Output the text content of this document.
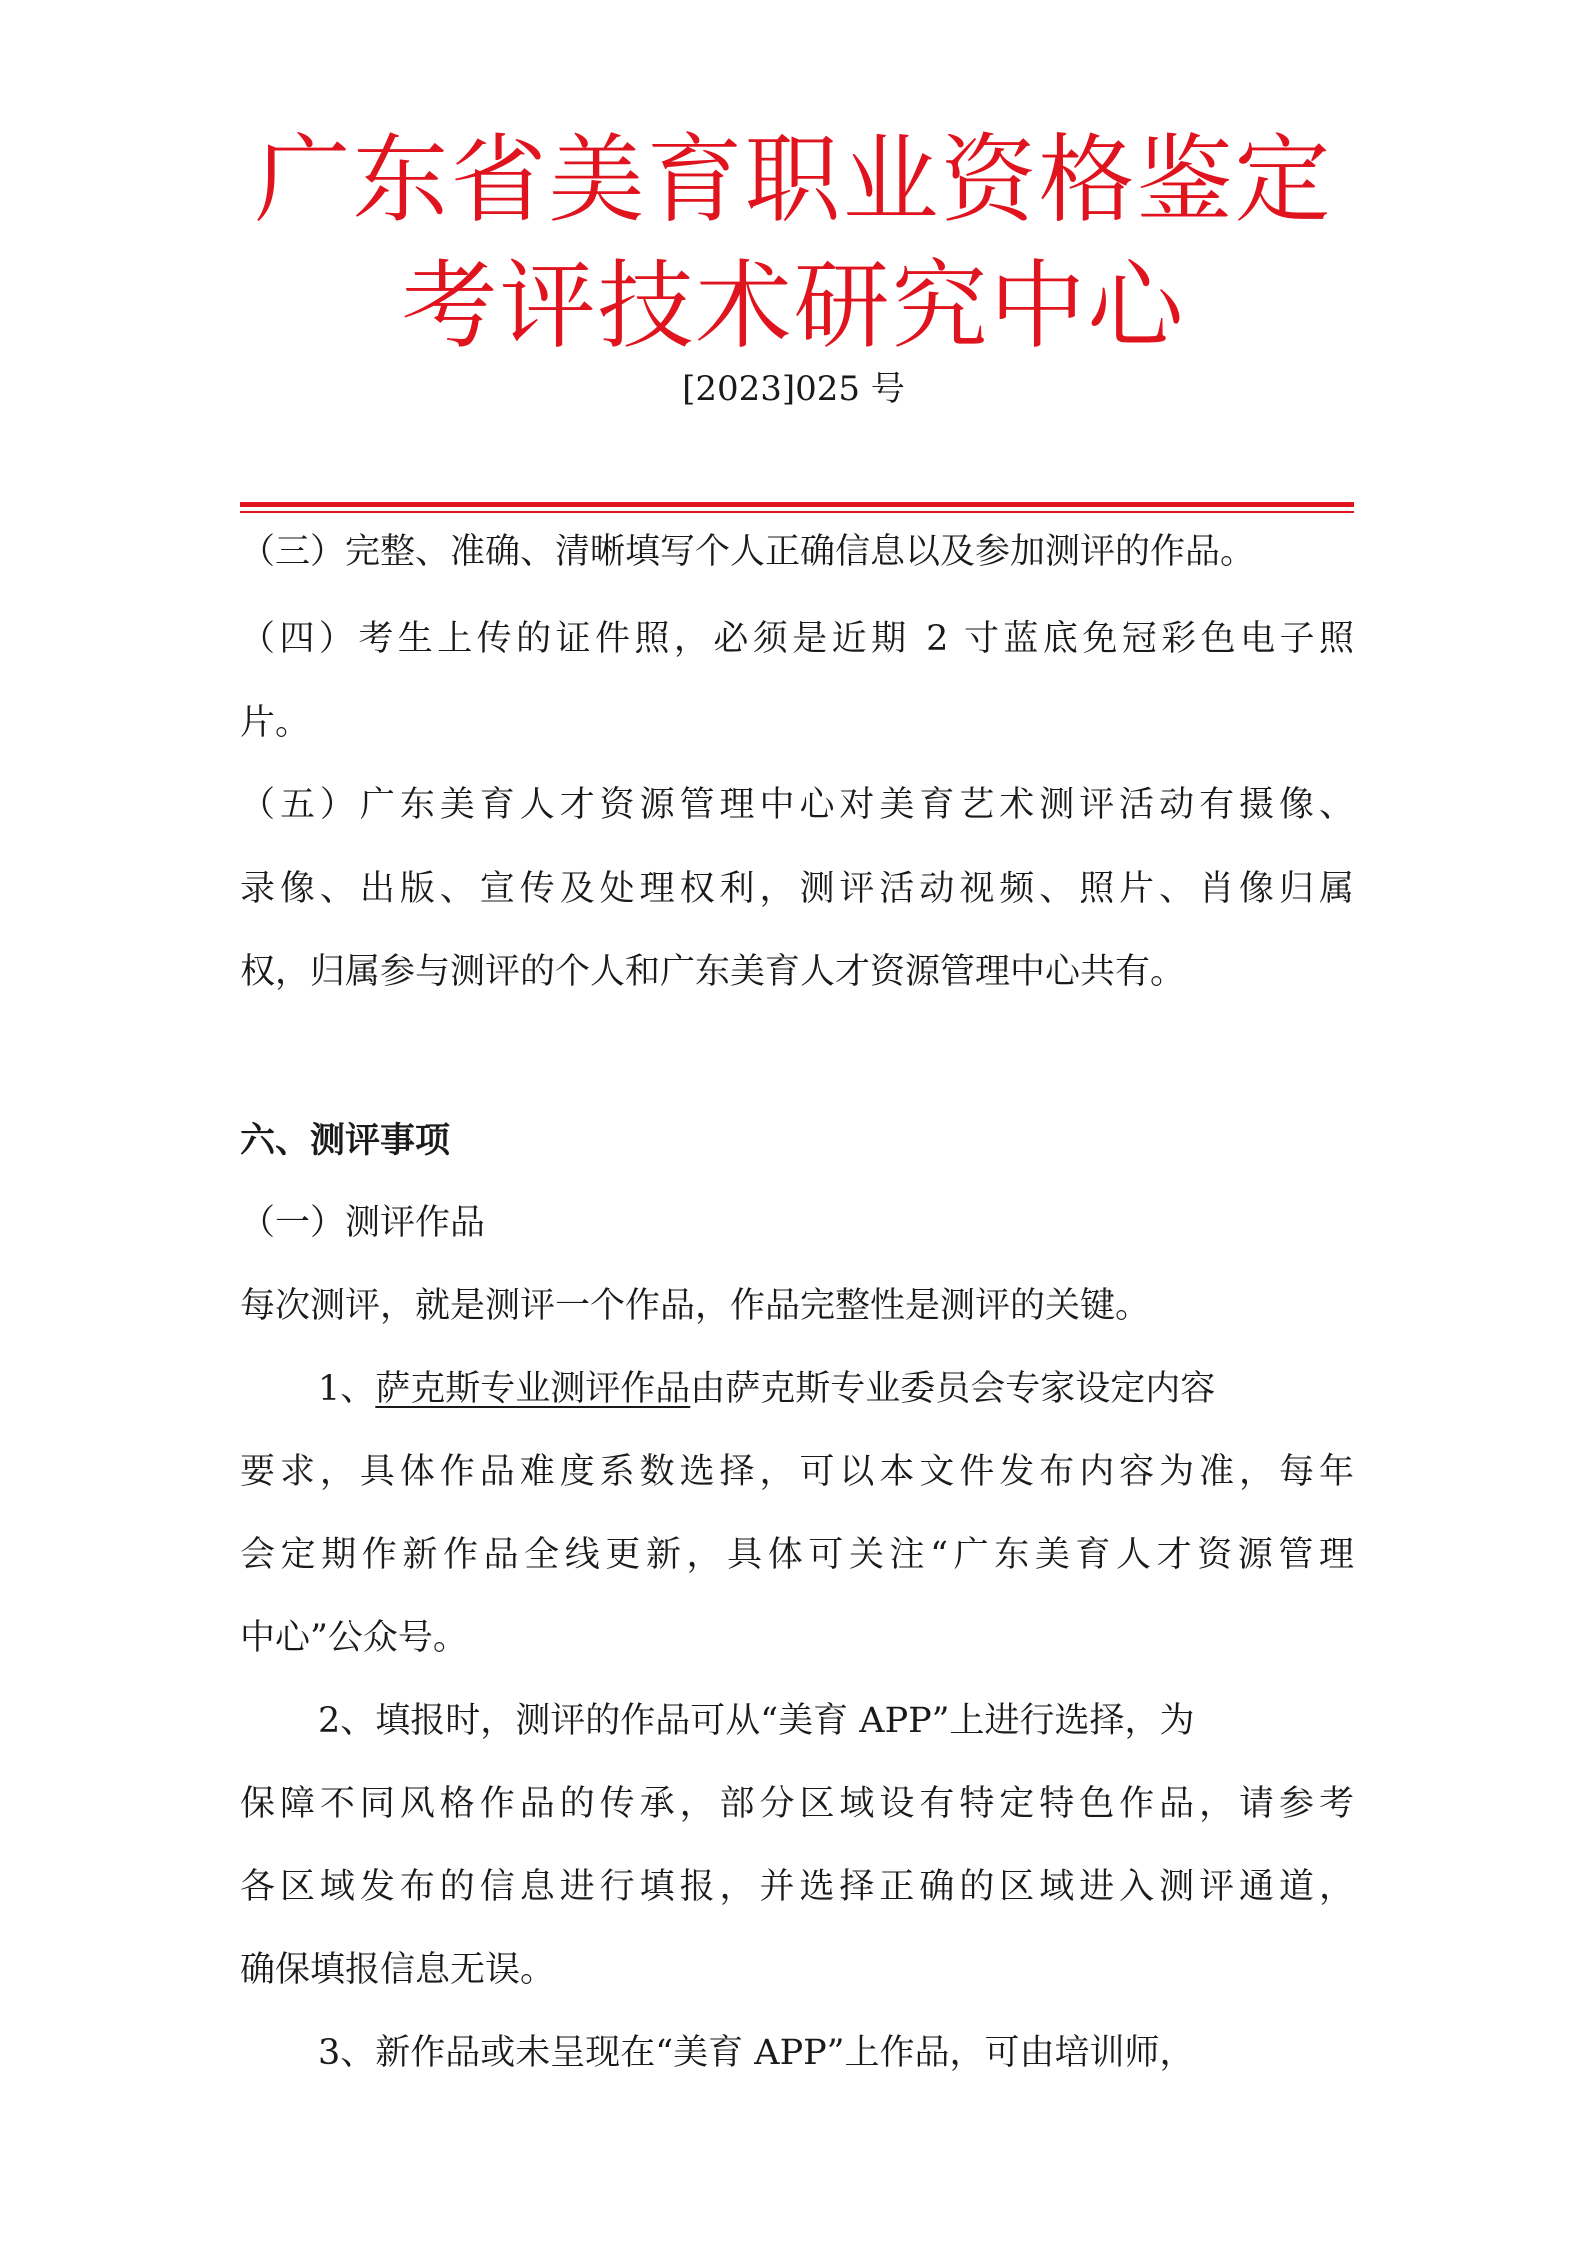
广东省美育职业资格鉴定
考评技术研究中心
[2023]025 号
（三）完整、准确、清晰填写个人正确信息以及参加测评的作品。
（四）考生上传的证件照，必须是近期 2 寸蓝底免冠彩色电子照
片。
（五）广东美育人才资源管理中心对美育艺术测评活动有摄像、
录像、出版、宣传及处理权利，测评活动视频、照片、肖像归属
权，归属参与测评的个人和广东美育人才资源管理中心共有。
六、测评事项
（一）测评作品
每次测评，就是测评一个作品，作品完整性是测评的关键。
1、萨克斯专业测评作品由萨克斯专业委员会专家设定内容
要求，具体作品难度系数选择，可以本文件发布内容为准，每年
会定期作新作品全线更新，具体可关注“广东美育人才资源管理
中心”公众号。
2、填报时，测评的作品可从“美育 APP”上进行选择，为
保障不同风格作品的传承，部分区域设有特定特色作品，请参考
各区域发布的信息进行填报，并选择正确的区域进入测评通道，
确保填报信息无误。
3、新作品或未呈现在“美育 APP”上作品，可由培训师，
